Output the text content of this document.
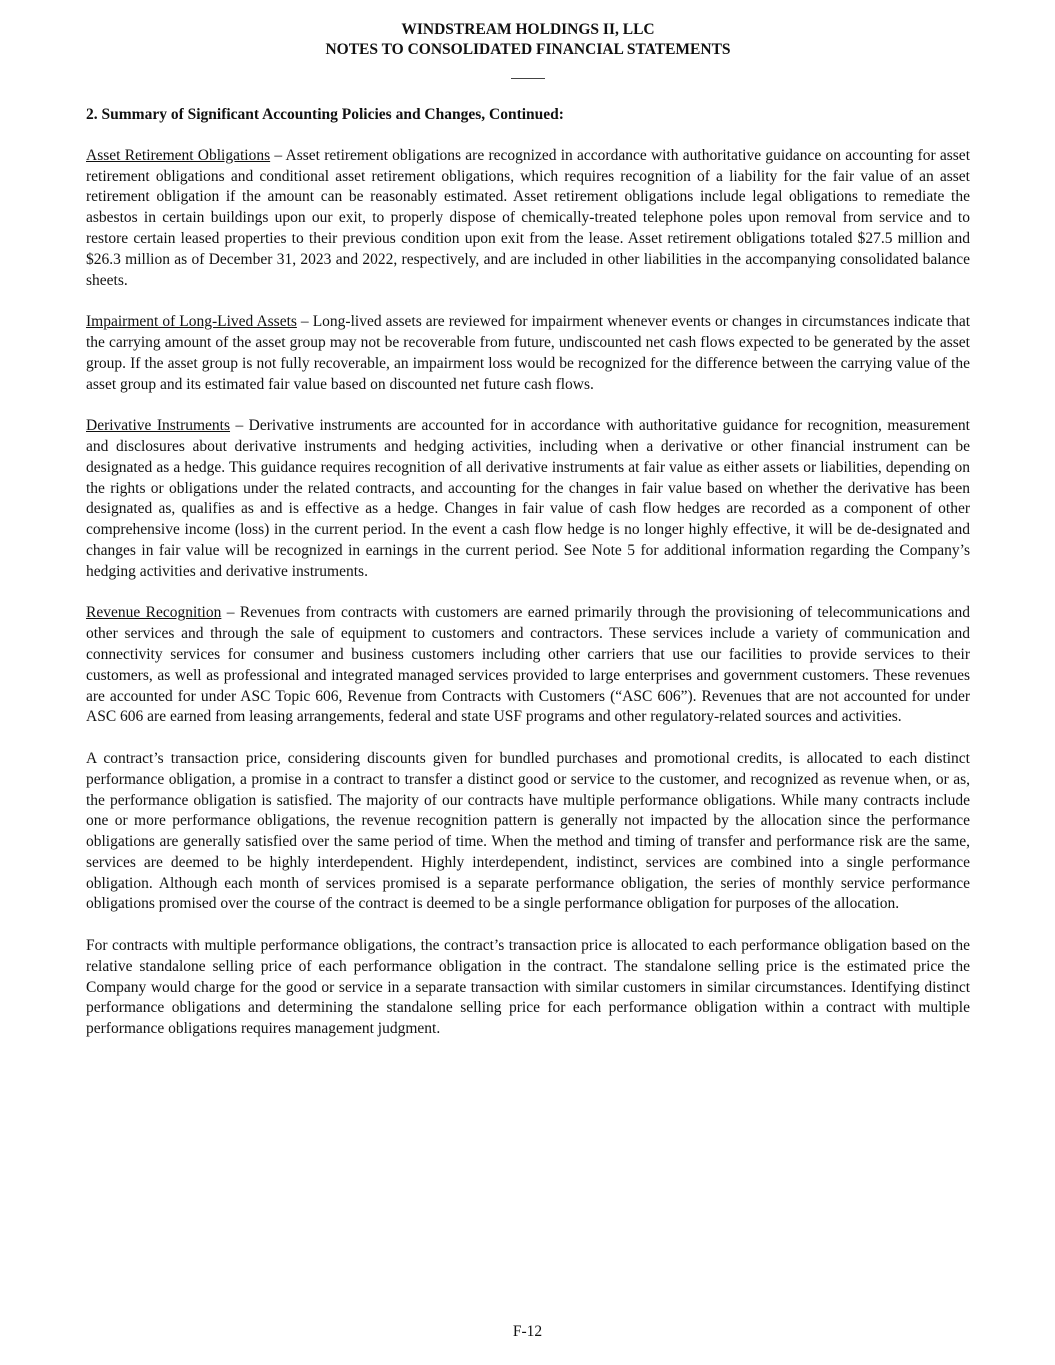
WINDSTREAM HOLDINGS II, LLC
NOTES TO CONSOLIDATED FINANCIAL STATEMENTS
2. Summary of Significant Accounting Policies and Changes, Continued:

Asset Retirement Obligations – Asset retirement obligations are recognized in accordance with authoritative guidance on accounting for asset retirement obligations and conditional asset retirement obligations, which requires recognition of a liability for the fair value of an asset retirement obligation if the amount can be reasonably estimated. Asset retirement obligations include legal obligations to remediate the asbestos in certain buildings upon our exit, to properly dispose of chemically-treated telephone poles upon removal from service and to restore certain leased properties to their previous condition upon exit from the lease. Asset retirement obligations totaled $27.5 million and $26.3 million as of December 31, 2023 and 2022, respectively, and are included in other liabilities in the accompanying consolidated balance sheets.

Impairment of Long-Lived Assets – Long-lived assets are reviewed for impairment whenever events or changes in circumstances indicate that the carrying amount of the asset group may not be recoverable from future, undiscounted net cash flows expected to be generated by the asset group. If the asset group is not fully recoverable, an impairment loss would be recognized for the difference between the carrying value of the asset group and its estimated fair value based on discounted net future cash flows.

Derivative Instruments – Derivative instruments are accounted for in accordance with authoritative guidance for recognition, measurement and disclosures about derivative instruments and hedging activities, including when a derivative or other financial instrument can be designated as a hedge. This guidance requires recognition of all derivative instruments at fair value as either assets or liabilities, depending on the rights or obligations under the related contracts, and accounting for the changes in fair value based on whether the derivative has been designated as, qualifies as and is effective as a hedge. Changes in fair value of cash flow hedges are recorded as a component of other comprehensive income (loss) in the current period. In the event a cash flow hedge is no longer highly effective, it will be de-designated and changes in fair value will be recognized in earnings in the current period. See Note 5 for additional information regarding the Company’s hedging activities and derivative instruments.

Revenue Recognition – Revenues from contracts with customers are earned primarily through the provisioning of telecommunications and other services and through the sale of equipment to customers and contractors. These services include a variety of communication and connectivity services for consumer and business customers including other carriers that use our facilities to provide services to their customers, as well as professional and integrated managed services provided to large enterprises and government customers. These revenues are accounted for under ASC Topic 606, Revenue from Contracts with Customers (“ASC 606”). Revenues that are not accounted for under ASC 606 are earned from leasing arrangements, federal and state USF programs and other regulatory-related sources and activities.

A contract’s transaction price, considering discounts given for bundled purchases and promotional credits, is allocated to each distinct performance obligation, a promise in a contract to transfer a distinct good or service to the customer, and recognized as revenue when, or as, the performance obligation is satisfied. The majority of our contracts have multiple performance obligations. While many contracts include one or more performance obligations, the revenue recognition pattern is generally not impacted by the allocation since the performance obligations are generally satisfied over the same period of time. When the method and timing of transfer and performance risk are the same, services are deemed to be highly interdependent. Highly interdependent, indistinct, services are combined into a single performance obligation. Although each month of services promised is a separate performance obligation, the series of monthly service performance obligations promised over the course of the contract is deemed to be a single performance obligation for purposes of the allocation.

For contracts with multiple performance obligations, the contract’s transaction price is allocated to each performance obligation based on the relative standalone selling price of each performance obligation in the contract. The standalone selling price is the estimated price the Company would charge for the good or service in a separate transaction with similar customers in similar circumstances. Identifying distinct performance obligations and determining the standalone selling price for each performance obligation within a contract with multiple performance obligations requires management judgment.

F-12
